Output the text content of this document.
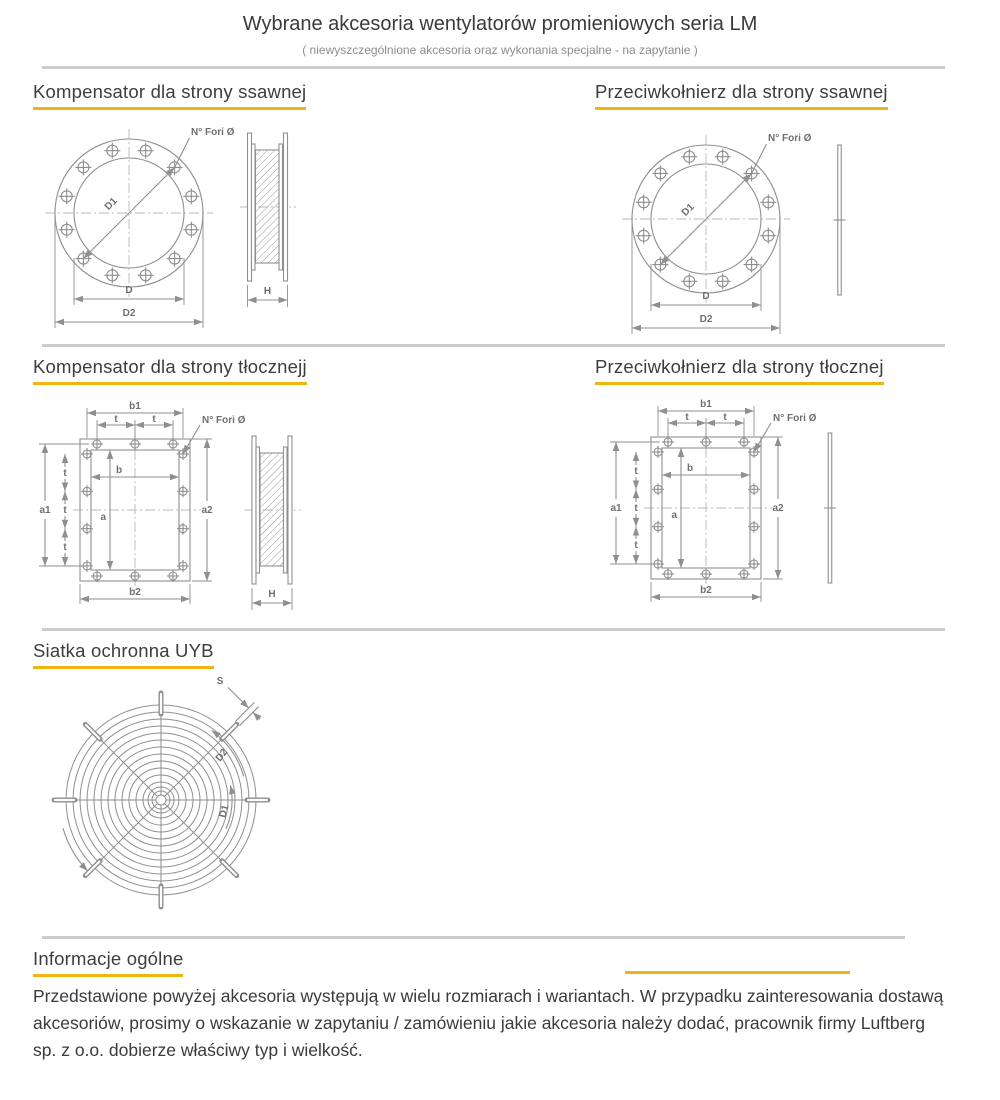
Wybrane akcesoria wentylatorów promieniowych seria LM
( niewyszczególnione akcesoria oraz wykonania specjalne - na zapytanie )
Kompensator dla strony ssawnej	Przeciwkołnierz dla strony ssawnej
Kompensator dla strony tłocznejj	Przeciwkołnierz dla strony tłocznej
Siatka ochronna UYB
S
D2
D1
Informacje ogólne

Przedstawione powyżej akcesoria występują w wielu rozmiarach i wariantach. W przypadku zainteresowania dostawą akcesoriów, prosimy o wskazanie w zapytaniu / zamówieniu jakie akcesoria należy dodać, pracownik firmy Luftberg sp. z o.o. dobierze właściwy typ i wielkość.
